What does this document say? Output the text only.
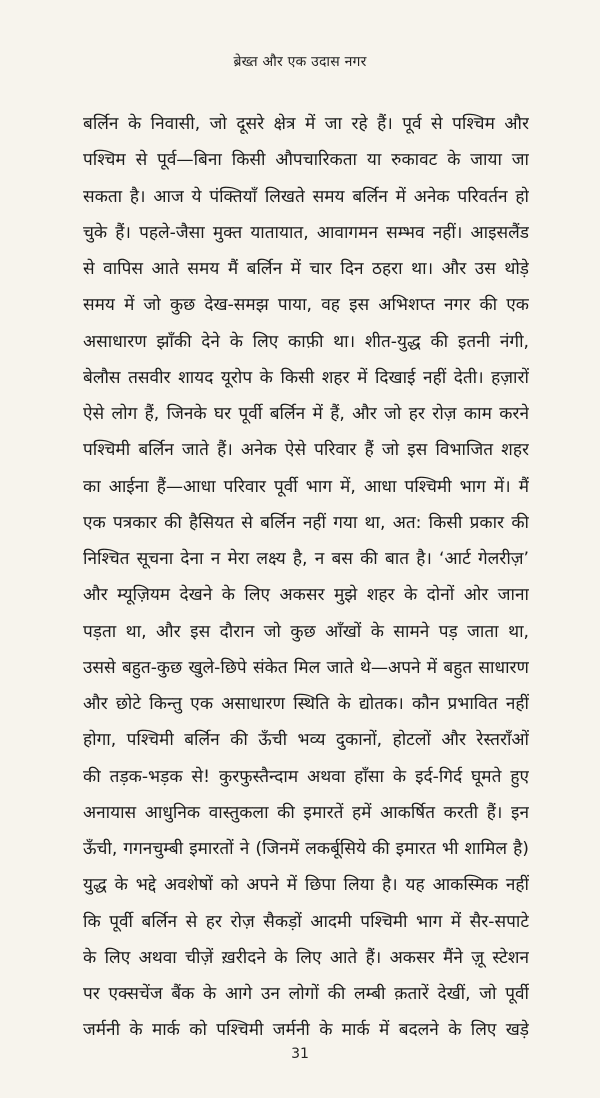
ब्रेख्त और एक उदास नगर
बर्लिन के निवासी, जो दूसरे क्षेत्र में जा रहे हैं। पूर्व से पश्चिम और
पश्चिम से पूर्व—बिना किसी औपचारिकता या रुकावट के जाया जा
सकता है। आज ये पंक्तियाँ लिखते समय बर्लिन में अनेक परिवर्तन हो
चुके हैं। पहले-जैसा मुक्त यातायात, आवागमन सम्भव नहीं। आइसलैंड
से वापिस आते समय मैं बर्लिन में चार दिन ठहरा था। और उस थोड़े
समय में जो कुछ देख-समझ पाया, वह इस अभिशप्त नगर की एक
असाधारण झाँकी देने के लिए काफ़ी था। शीत-युद्ध की इतनी नंगी,
बेलौस तसवीर शायद यूरोप के किसी शहर में दिखाई नहीं देती। हज़ारों
ऐसे लोग हैं, जिनके घर पूर्वी बर्लिन में हैं, और जो हर रोज़ काम करने
पश्चिमी बर्लिन जाते हैं। अनेक ऐसे परिवार हैं जो इस विभाजित शहर
का आईना हैं—आधा परिवार पूर्वी भाग में, आधा पश्चिमी भाग में। मैं
एक पत्रकार की हैसियत से बर्लिन नहीं गया था, अत: किसी प्रकार की
निश्चित सूचना देना न मेरा लक्ष्य है, न बस की बात है। ‘आर्ट गेलरीज़’
और म्यूज़ियम देखने के लिए अकसर मुझे शहर के दोनों ओर जाना
पड़ता था, और इस दौरान जो कुछ आँखों के सामने पड़ जाता था,
उससे बहुत-कुछ खुले-छिपे संकेत मिल जाते थे—अपने में बहुत साधारण
और छोटे किन्तु एक असाधारण स्थिति के द्योतक। कौन प्रभावित नहीं
होगा, पश्चिमी बर्लिन की ऊँची भव्य दुकानों, होटलों और रेस्तराँओं
की तड़क-भड़क से! कुरफुस्तैन्दाम अथवा हाँसा के इर्द-गिर्द घूमते हुए
अनायास आधुनिक वास्तुकला की इमारतें हमें आकर्षित करती हैं। इन
ऊँची, गगनचुम्बी इमारतों ने (जिनमें लकर्बूसिये की इमारत भी शामिल है)
युद्ध के भद्दे अवशेषों को अपने में छिपा लिया है। यह आकस्मिक नहीं
कि पूर्वी बर्लिन से हर रोज़ सैकड़ों आदमी पश्चिमी भाग में सैर-सपाटे
के लिए अथवा चीज़ें ख़रीदने के लिए आते हैं। अकसर मैंने ज़ू स्टेशन
पर एक्सचेंज बैंक के आगे उन लोगों की लम्बी क़तारें देखीं, जो पूर्वी
जर्मनी के मार्क को पश्चिमी जर्मनी के मार्क में बदलने के लिए खड़े
31
